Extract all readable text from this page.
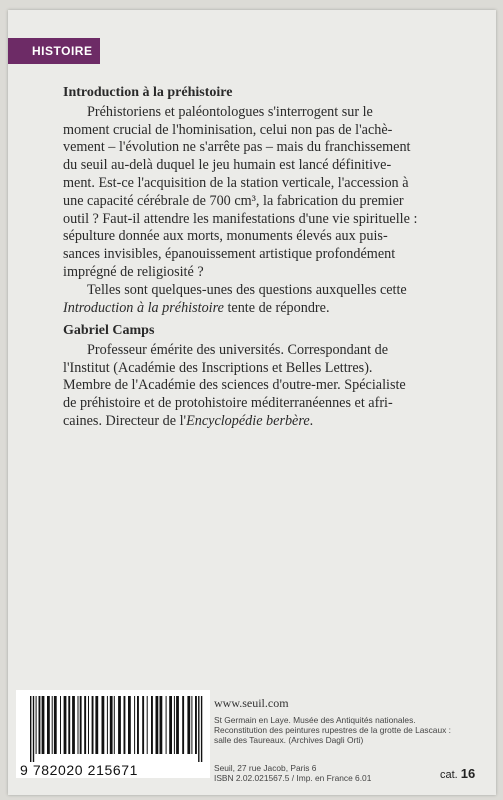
HISTOIRE
Introduction à la préhistoire
Préhistoriens et paléontologues s'interrogent sur le
moment crucial de l'hominisation, celui non pas de l'achè-
vement – l'évolution ne s'arrête pas – mais du franchissement
du seuil au-delà duquel le jeu humain est lancé définitive-
ment. Est-ce l'acquisition de la station verticale, l'accession à
une capacité cérébrale de 700 cm³, la fabrication du premier
outil ? Faut-il attendre les manifestations d'une vie spirituelle :
sépulture donnée aux morts, monuments élevés aux puis-
sances invisibles, épanouissement artistique profondément
imprégné de religiosité ?
Telles sont quelques-unes des questions auxquelles cette
Introduction à la préhistoire tente de répondre.
Gabriel Camps
Professeur émérite des universités. Correspondant de
l'Institut (Académie des Inscriptions et Belles Lettres).
Membre de l'Académie des sciences d'outre-mer. Spécialiste
de préhistoire et de protohistoire méditerranéennes et afri-
caines. Directeur de l'Encyclopédie berbère.
9 782020 215671
www.seuil.com
St Germain en Laye. Musée des Antiquités nationales.
Reconstitution des peintures rupestres de la grotte de Lascaux :
salle des Taureaux. (Archives Dagli Orti)
Seuil, 27 rue Jacob, Paris 6
ISBN 2.02.021567.5 / Imp. en France 6.01	cat. 16
